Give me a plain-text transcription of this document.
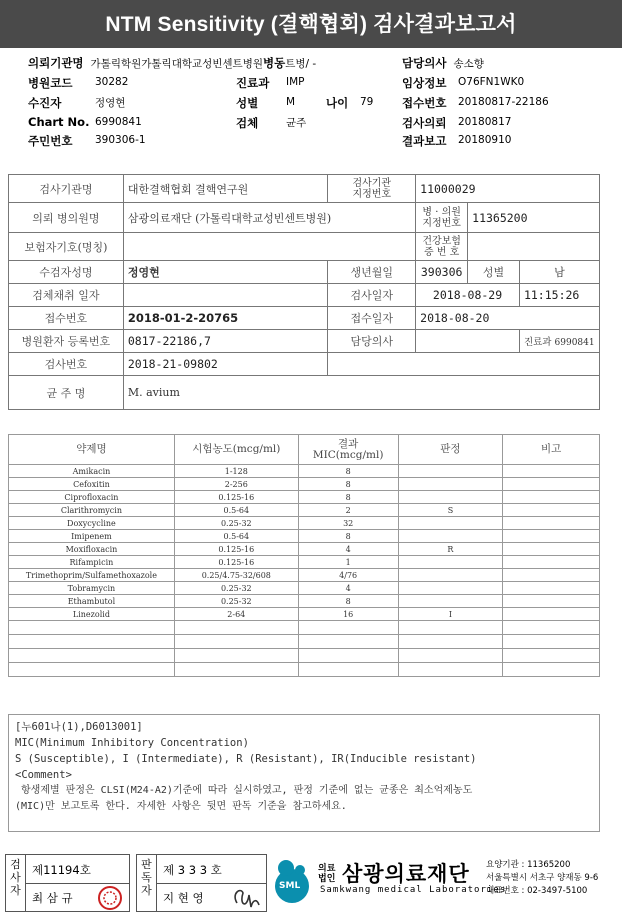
NTM Sensitivity (결핵협회) 검사결과보고서
의뢰기관명 가톨릭학원가톨릭대학교성빈센트병원병동트병/ -	담당의사 송소향
병원코드 30282	진료과 IMP	임상정보 O76FN1WK0
수진자	정영현	성별	M	나이 79 접수번호 20180817-22186
Chart No. 6990841	검체	균주	검사의뢰 20180817
주민번호 390306-1	결과보고 20180910
검사기관명	대한결핵협회 결핵연구원	검사기관
지정번호	11000029		
의뢰 병의원명	삼광의료재단 (가톨릭대학교성빈센트병원)		병 · 의원
지정번호	11365200	
보험자기호(명칭)			건강보험
증 번 호		
수검자성명	정영현	생년월일	390306	성별	남
검체채취 일자		검사일자	2018-08-29		11:15:26
접수번호	2018-01-2-20765	접수일자	2018-08-20		
병원환자 등록번호	0817-22186,7	담당의사			진료과 6990841
검사번호	2018-21-09802				
균 주 명	M. avium				
약제명	시험농도(mcg/ml)	결과
MIC(mcg/ml)	판정	비고
Amikacin	1-128	8		
Cefoxitin	2-256	8		
Ciprofloxacin	0.125-16	8		
Clarithromycin	0.5-64	2	S	
Doxycycline	0.25-32	32		
Imipenem	0.5-64	8		
Moxifloxacin	0.125-16	4	R	
Rifampicin	0.125-16	1		
Trimethoprim/Sulfamethoxazole	0.25/4.75-32/608	4/76		
Tobramycin	0.25-32	4		
Ethambutol	0.25-32	8		
Linezolid	2-64	16	I	

[누601나(1),D6013001]
MIC(Minimum Inhibitory Concentration)
S (Susceptible), I (Intermediate), R (Resistant), IR(Inducible resistant)
<Comment>
항생제별 판정은 CLSI(M24-A2)기준에 따라 실시하였고, 판정 기준에 없는 균종은 최소억제농도
(MIC)만 보고토록 한다. 자세한 사항은 뒷면 판독 기준을 참고하세요.
검사자
제11194호
최 삼 규
판독자
제 3 3 3 호
지 현 영
SML
의료
법인 삼광의료재단
Samkwang medical Laboratories
요양기관 : 11365200
서울특별시 서초구 양재동 9-6
대표번호 : 02-3497-5100
